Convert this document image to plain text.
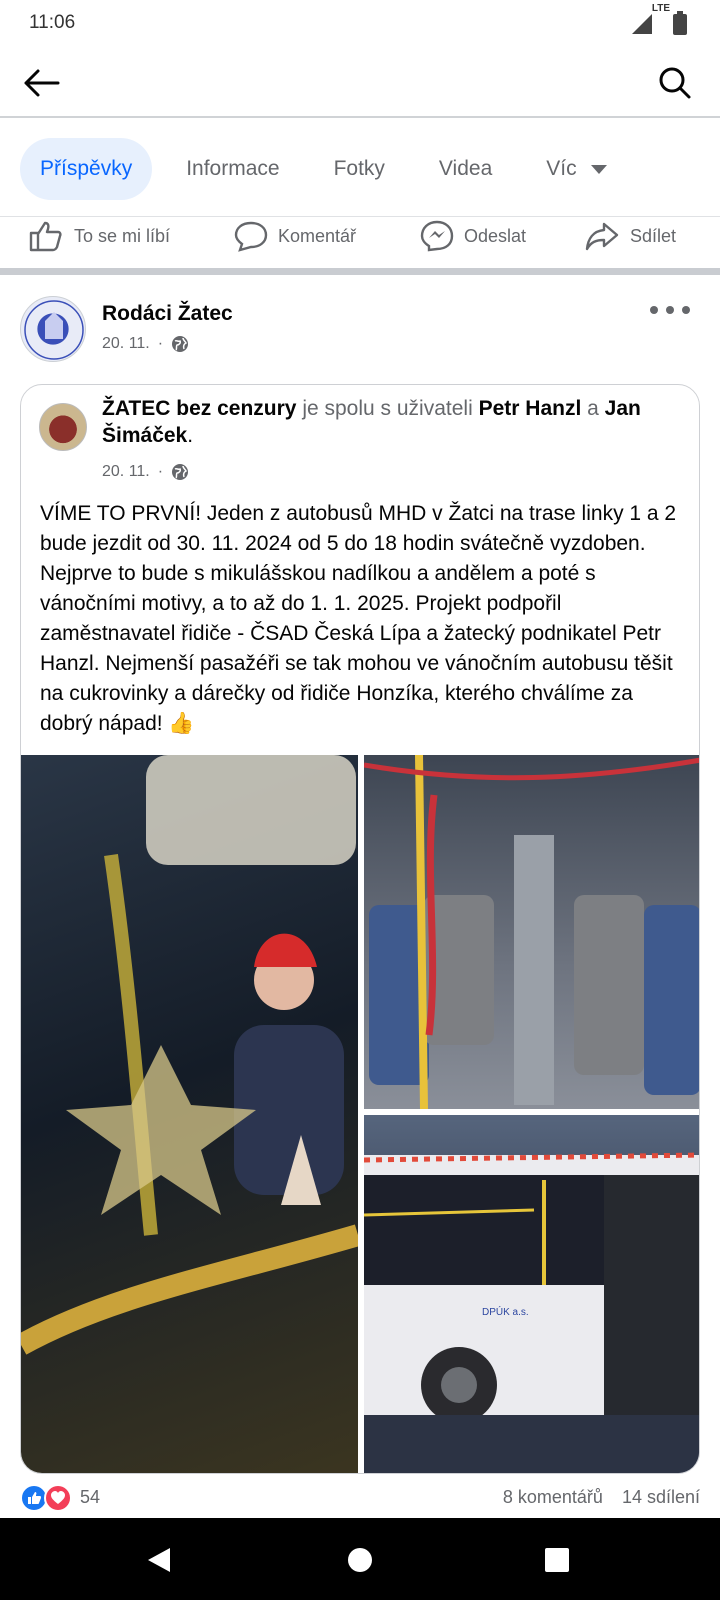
11:06
LTE
Příspěvky	Informace	Fotky	Videa	Víc
To se mi líbí	Komentář	Odeslat	Sdílet
Rodáci Žatec
20. 11. ·
ŽATEC bez cenzury je spolu s uživateli Petr Hanzl a Jan Šimáček.
20. 11. ·
VÍME TO PRVNÍ! Jeden z autobusů MHD v Žatci na trase linky 1 a 2 bude jezdit od 30. 11. 2024 od 5 do 18 hodin svátečně vyzdoben. Nejprve to bude s mikulášskou nadílkou a andělem a poté s vánočními motivy, a to až do 1. 1. 2025. Projekt podpořil zaměstnavatel řidiče - ČSAD Česká Lípa a žatecký podnikatel Petr Hanzl. Nejmenší pasažéři se tak mohou ve vánočním autobusu těšit na cukrovinky a dárečky od řidiče Honzíka, kterého chválíme za dobrý nápad! 👍
DPÚK a.s.
54	8 komentářů 14 sdílení
